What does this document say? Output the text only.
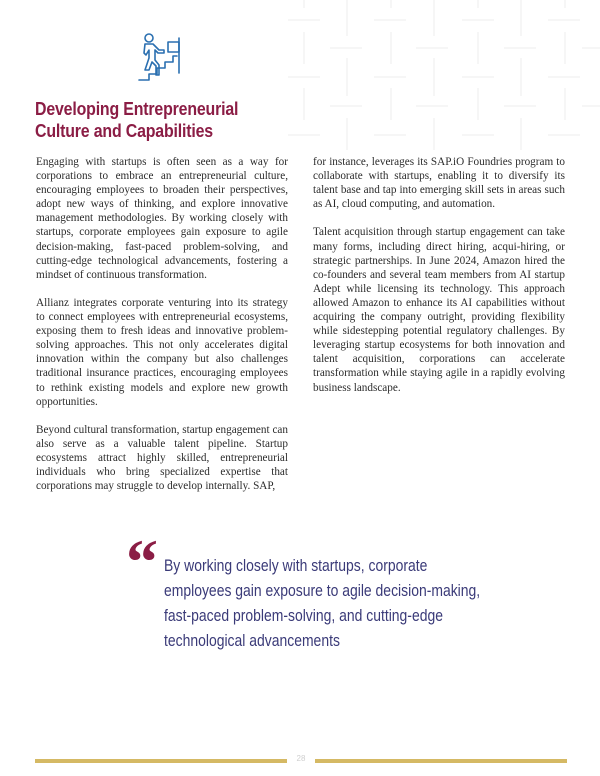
Developing Entrepreneurial
Culture and Capabilities

Engaging with startups is often seen as a way for corporations to embrace an entrepreneurial culture, encouraging employees to broaden their perspectives, adopt new ways of thinking, and explore innovative management methodologies. By working closely with startups, corporate employees gain exposure to agile decision-making, fast-paced problem-solving, and cutting-edge technological advancements, fostering a mindset of continuous transformation.

Allianz integrates corporate venturing into its strategy to connect employees with entrepreneurial ecosystems, exposing them to fresh ideas and innovative problem-solving approaches. This not only accelerates digital innovation within the company but also challenges traditional insurance practices, encouraging employees to rethink existing models and explore new growth opportunities.

Beyond cultural transformation, startup engagement can also serve as a valuable talent pipeline. Startup ecosystems attract highly skilled, entrepreneurial individuals who bring specialized expertise that corporations may struggle to develop internally. SAP,

for instance, leverages its SAP.iO Foundries program to collaborate with startups, enabling it to diversify its talent base and tap into emerging skill sets in areas such as AI, cloud computing, and automation.

Talent acquisition through startup engagement can take many forms, including direct hiring, acqui-hiring, or strategic partnerships. In June 2024, Amazon hired the co-founders and several team members from AI startup Adept while licensing its technology. This approach allowed Amazon to enhance its AI capabilities without acquiring the company outright, providing flexibility while sidestepping potential regulatory challenges. By leveraging startup ecosystems for both innovation and talent acquisition, corporations can accelerate transformation while staying agile in a rapidly evolving business landscape.

“ By working closely with startups, corporate
employees gain exposure to agile decision-making,
fast-paced problem-solving, and cutting-edge
technological advancements
28
